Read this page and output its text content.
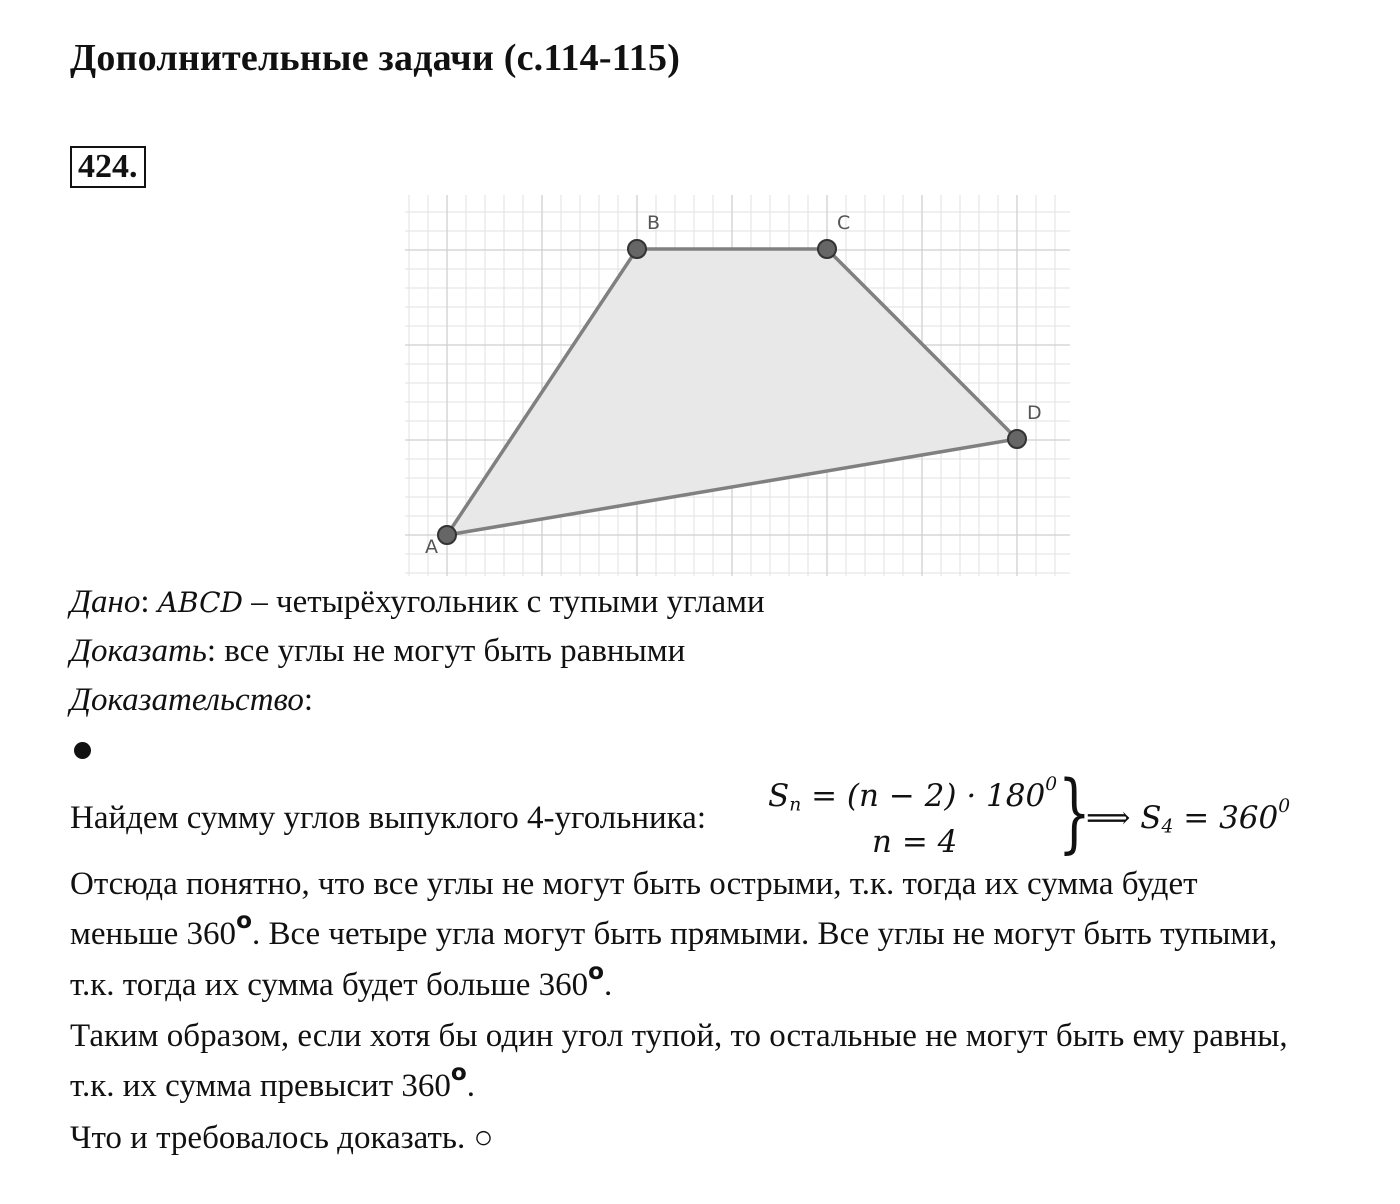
Дополнительные задачи (с.114-115)
424.
A
B	C
D
Дано: ABCD – четырёхугольник с тупыми углами
Доказать: все углы не могут быть равными
Доказательство:
Найдем сумму углов выпуклого 4-угольника:
$S_n = (n - 2) \cdot 180^0$
n = 4 }
⟹ $S_4 = 360^0$
Отсюда понятно, что все углы не могут быть острыми, т.к. тогда их сумма будет
меньше 360$^o$. Все четыре угла могут быть прямыми. Все углы не могут быть тупыми,
т.к. тогда их сумма будет больше 360$^o$.
Таким образом, если хотя бы один угол тупой, то остальные не могут быть ему равны,
т.к. их сумма превысит 360$^o$.
Что и требовалось доказать. ○
